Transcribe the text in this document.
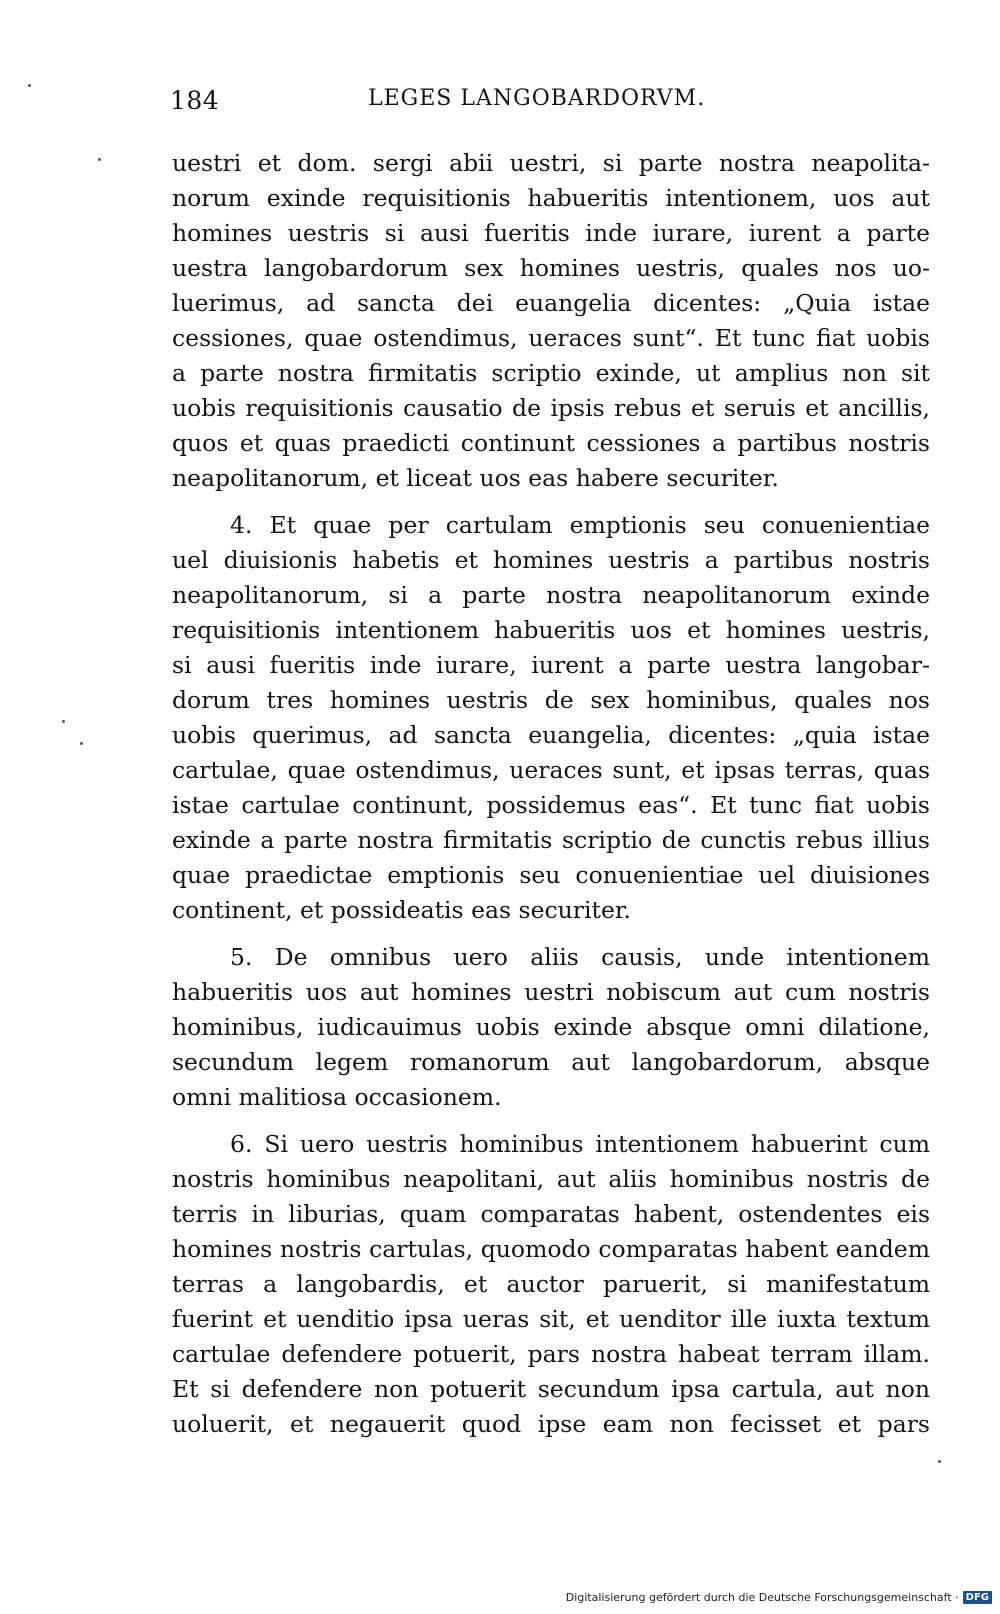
184	LEGES LANGOBARDORVM.
uestri et dom. sergi abii uestri, si parte nostra neapolita-
norum exinde requisitionis habueritis intentionem, uos aut
homines uestris si ausi fueritis inde iurare, iurent a parte
uestra langobardorum sex homines uestris, quales nos uo-
luerimus, ad sancta dei euangelia dicentes: „Quia istae
cessiones, quae ostendimus, ueraces sunt“. Et tunc fiat uobis
a parte nostra firmitatis scriptio exinde, ut amplius non sit
uobis requisitionis causatio de ipsis rebus et seruis et ancillis,
quos et quas praedicti continunt cessiones a partibus nostris
neapolitanorum, et liceat uos eas habere securiter.
4. Et quae per cartulam emptionis seu conuenientiae
uel diuisionis habetis et homines uestris a partibus nostris
neapolitanorum, si a parte nostra neapolitanorum exinde
requisitionis intentionem habueritis uos et homines uestris,
si ausi fueritis inde iurare, iurent a parte uestra langobar-
dorum tres homines uestris de sex hominibus, quales nos
uobis querimus, ad sancta euangelia, dicentes: „quia istae
cartulae, quae ostendimus, ueraces sunt, et ipsas terras, quas
istae cartulae continunt, possidemus eas“. Et tunc fiat uobis
exinde a parte nostra firmitatis scriptio de cunctis rebus illius
quae praedictae emptionis seu conuenientiae uel diuisiones
continent, et possideatis eas securiter.
5. De omnibus uero aliis causis, unde intentionem
habueritis uos aut homines uestri nobiscum aut cum nostris
hominibus, iudicauimus uobis exinde absque omni dilatione,
secundum legem romanorum aut langobardorum, absque
omni malitiosa occasionem.
6. Si uero uestris hominibus intentionem habuerint cum
nostris hominibus neapolitani, aut aliis hominibus nostris de
terris in liburias, quam comparatas habent, ostendentes eis
homines nostris cartulas, quomodo comparatas habent eandem
terras a langobardis, et auctor paruerit, si manifestatum
fuerint et uenditio ipsa ueras sit, et uenditor ille iuxta textum
cartulae defendere potuerit, pars nostra habeat terram illam.
Et si defendere non potuerit secundum ipsa cartula, aut non
uoluerit, et negauerit quod ipse eam non fecisset et pars
Digitalisierung gefördert durch die Deutsche Forschungsgemeinschaft · DFG
